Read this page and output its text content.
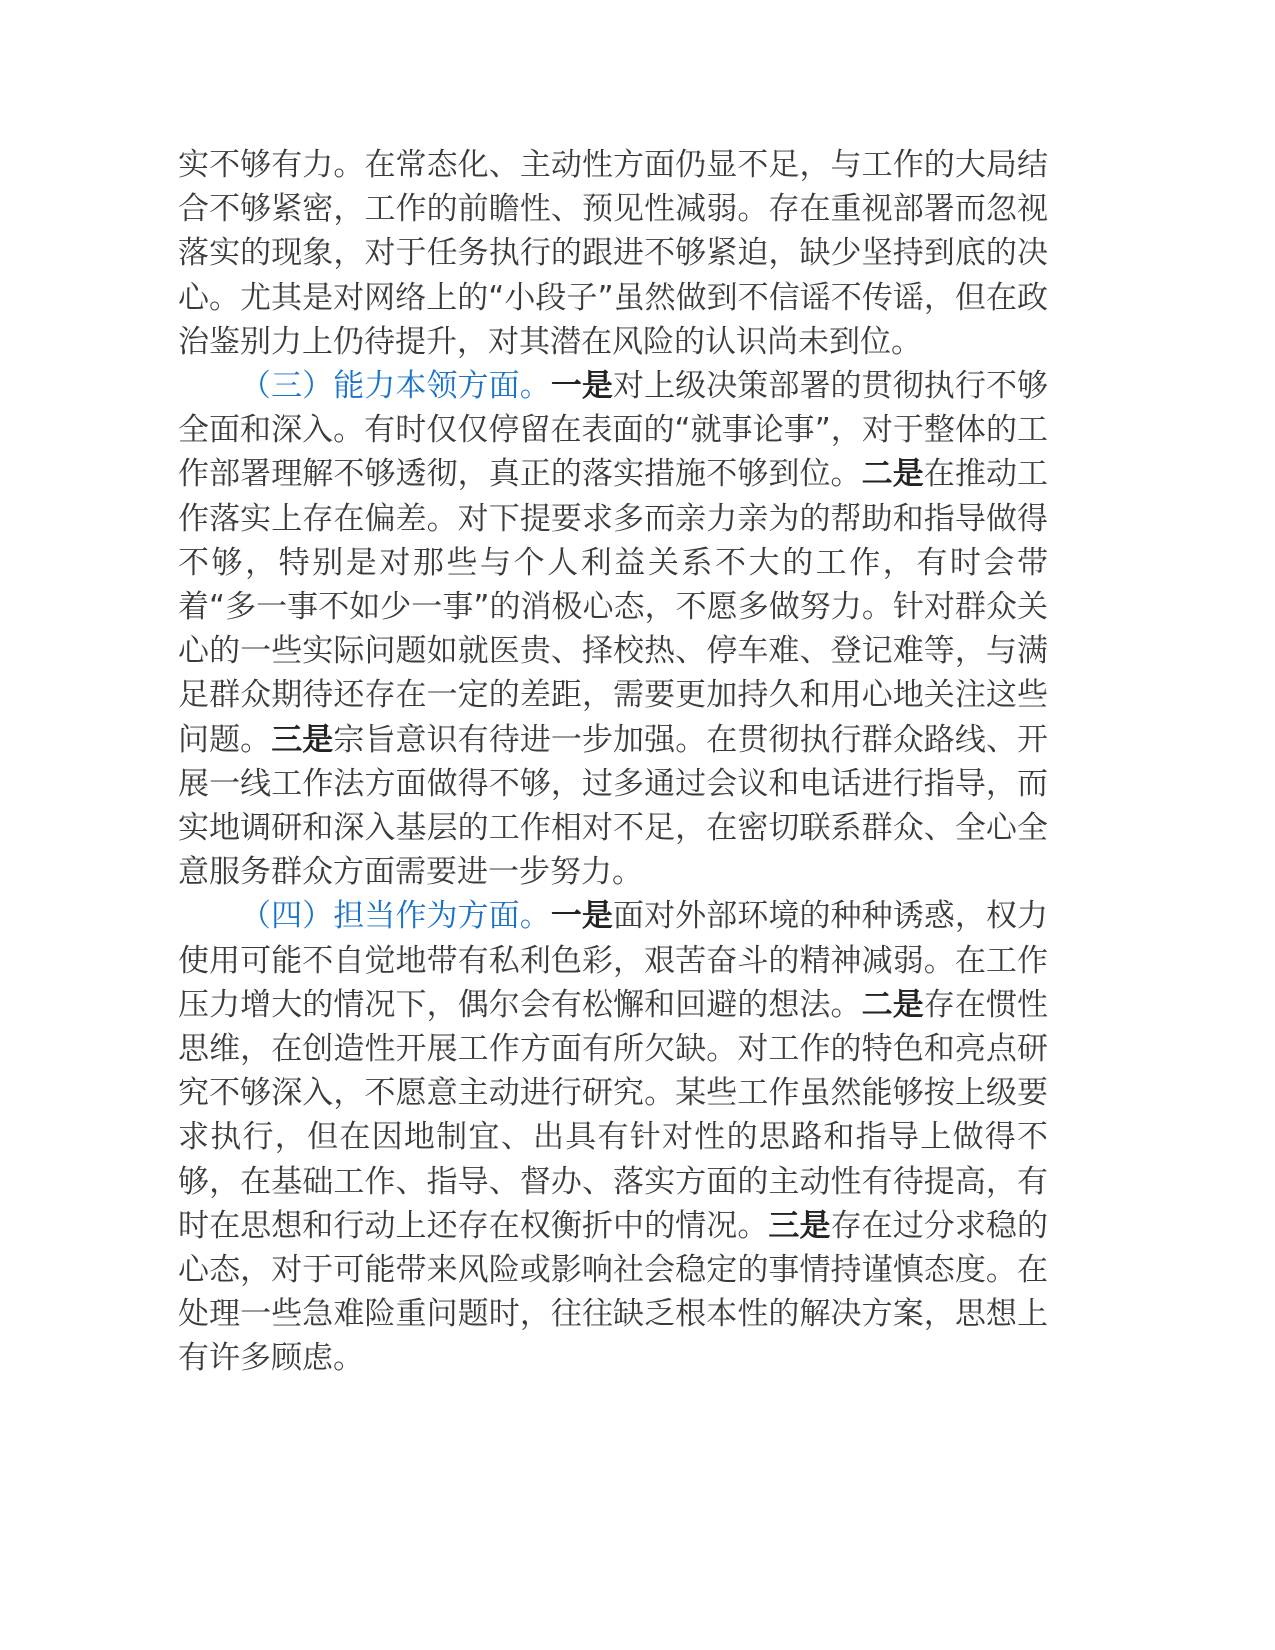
实不够有力。在常态化、主动性方面仍显不足，与工作的大局结合不够紧密，工作的前瞻性、预见性减弱。存在重视部署而忽视落实的现象，对于任务执行的跟进不够紧迫，缺少坚持到底的决心。尤其是对网络上的“小段子”虽然做到不信谣不传谣，但在政治鉴别力上仍待提升，对其潜在风险的认识尚未到位。

（三）能力本领方面。一是对上级决策部署的贯彻执行不够全面和深入。有时仅仅停留在表面的“就事论事”，对于整体的工作部署理解不够透彻，真正的落实措施不够到位。二是在推动工作落实上存在偏差。对下提要求多而亲力亲为的帮助和指导做得不够，特别是对那些与个人利益关系不大的工作，有时会带着“多一事不如少一事”的消极心态，不愿多做努力。针对群众关心的一些实际问题如就医贵、择校热、停车难、登记难等，与满足群众期待还存在一定的差距，需要更加持久和用心地关注这些问题。三是宗旨意识有待进一步加强。在贯彻执行群众路线、开展一线工作法方面做得不够，过多通过会议和电话进行指导，而实地调研和深入基层的工作相对不足，在密切联系群众、全心全意服务群众方面需要进一步努力。

（四）担当作为方面。一是面对外部环境的种种诱惑，权力使用可能不自觉地带有私利色彩，艰苦奋斗的精神减弱。在工作压力增大的情况下，偶尔会有松懈和回避的想法。二是存在惯性思维，在创造性开展工作方面有所欠缺。对工作的特色和亮点研究不够深入，不愿意主动进行研究。某些工作虽然能够按上级要求执行，但在因地制宜、出具有针对性的思路和指导上做得不够，在基础工作、指导、督办、落实方面的主动性有待提高，有时在思想和行动上还存在权衡折中的情况。三是存在过分求稳的心态，对于可能带来风险或影响社会稳定的事情持谨慎态度。在处理一些急难险重问题时，往往缺乏根本性的解决方案，思想上有许多顾虑。
